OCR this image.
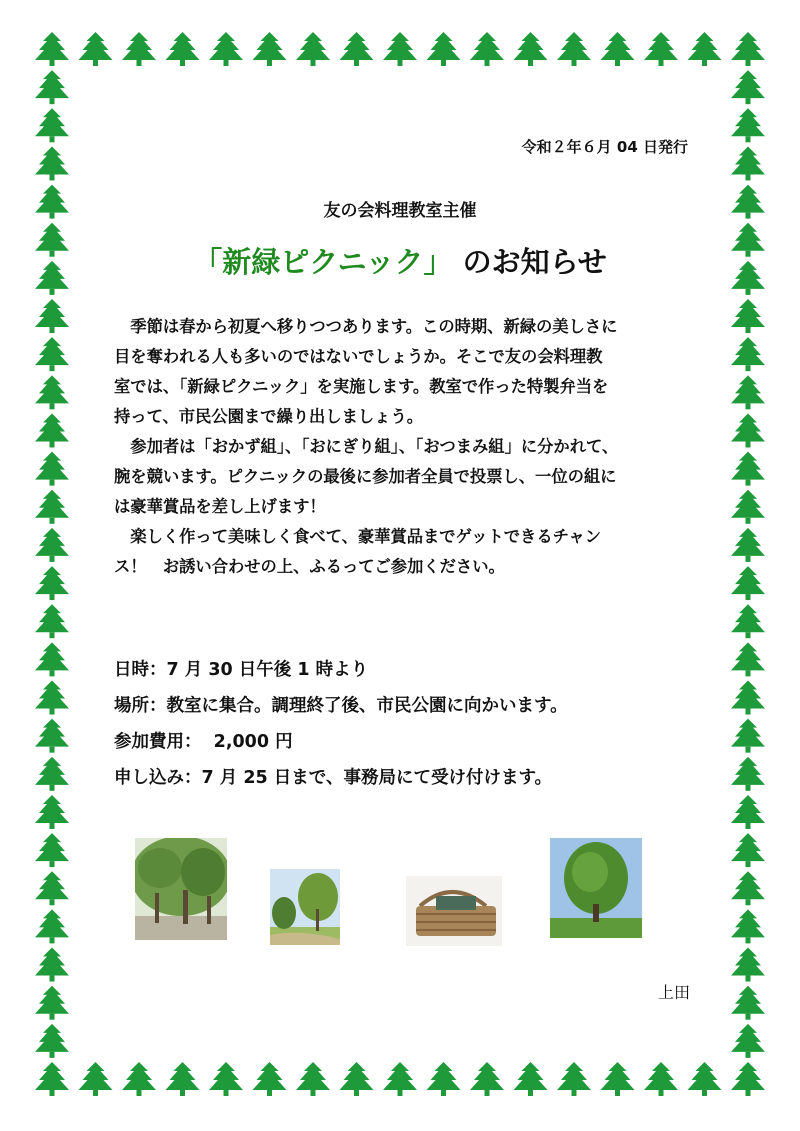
令和２年６月 04 日発行
友の会料理教室主催
「新緑ピクニック」 のお知らせ

　季節は春から初夏へ移りつつあります。この時期、新緑の美しさに

目を奪われる人も多いのではないでしょうか。そこで友の会料理教

室では、「新緑ピクニック」を実施します。教室で作った特製弁当を

持って、市民公園まで繰り出しましょう。

　参加者は「おかず組」、「おにぎり組」、「おつまみ組」に分かれて、

腕を競います。ピクニックの最後に参加者全員で投票し、一位の組に

は豪華賞品を差し上げます！

　楽しく作って美味しく食べて、豪華賞品までゲットできるチャン

ス！　お誘い合わせの上、ふるってご参加ください。

日時：7 月 30 日午後 1 時より
場所：教室に集合。調理終了後、市民公園に向かいます。
参加費用：  2,000 円
申し込み：7 月 25 日まで、事務局にて受け付けます。
上田
